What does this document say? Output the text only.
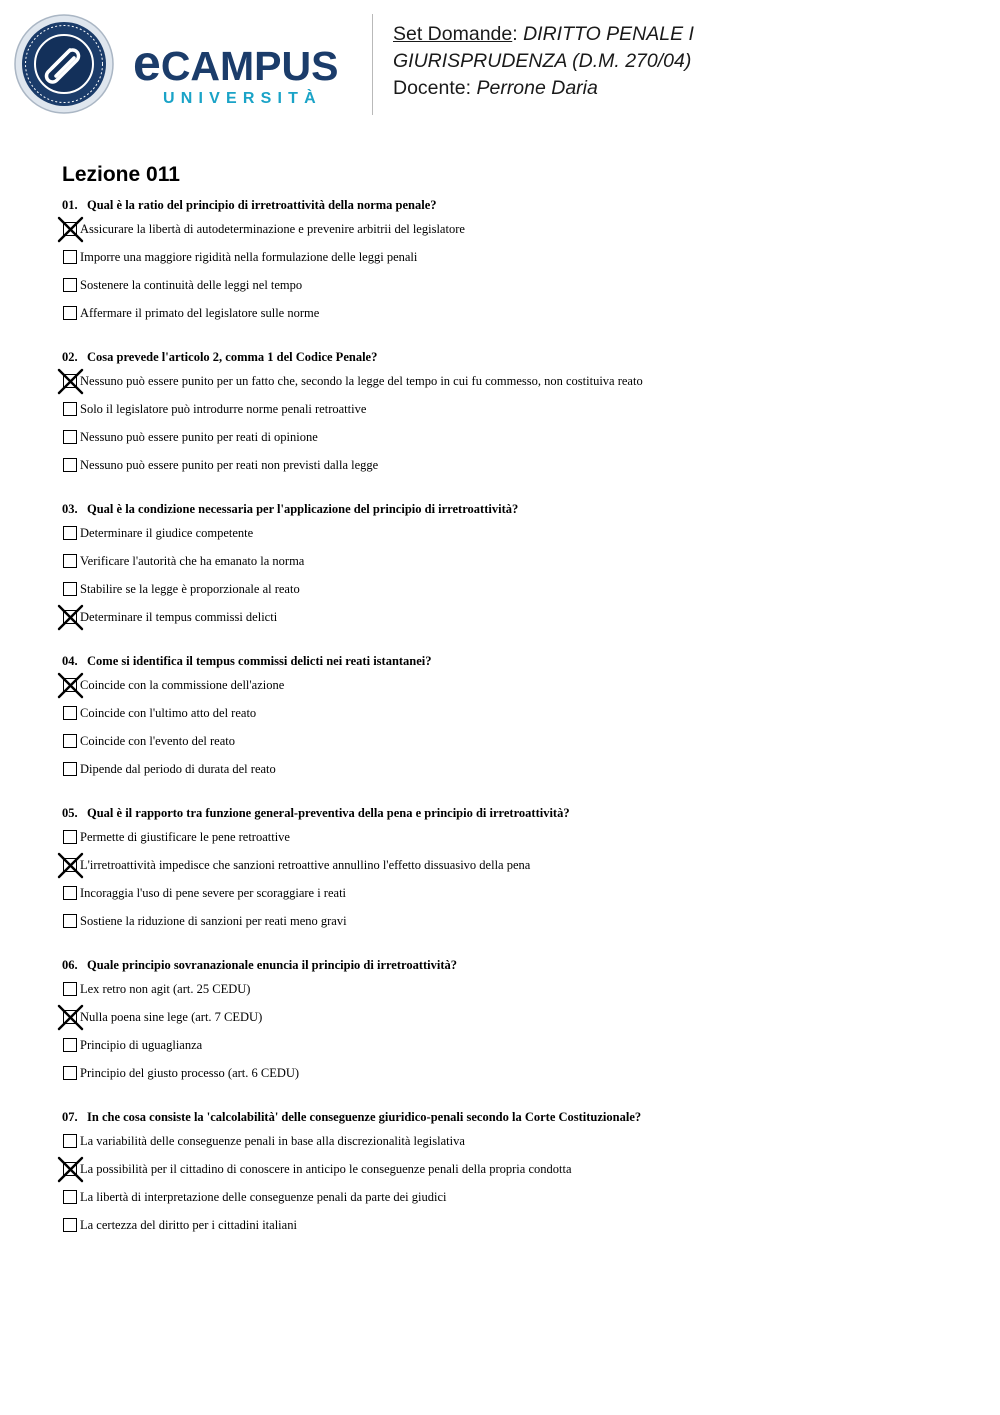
eCAMPUS
UNIVERSITÀ
Set Domande: DIRITTO PENALE I
GIURISPRUDENZA (D.M. 270/04)
Docente: Perrone Daria
Lezione 011
01. Qual è la ratio del principio di irretroattività della norma penale?
Assicurare la libertà di autodeterminazione e prevenire arbitrii del legislatore
Imporre una maggiore rigidità nella formulazione delle leggi penali
Sostenere la continuità delle leggi nel tempo
Affermare il primato del legislatore sulle norme
02. Cosa prevede l'articolo 2, comma 1 del Codice Penale?
Nessuno può essere punito per un fatto che, secondo la legge del tempo in cui fu commesso, non costituiva reato
Solo il legislatore può introdurre norme penali retroattive
Nessuno può essere punito per reati di opinione
Nessuno può essere punito per reati non previsti dalla legge
03. Qual è la condizione necessaria per l'applicazione del principio di irretroattività?
Determinare il giudice competente
Verificare l'autorità che ha emanato la norma
Stabilire se la legge è proporzionale al reato
Determinare il tempus commissi delicti
04. Come si identifica il tempus commissi delicti nei reati istantanei?
Coincide con la commissione dell'azione
Coincide con l'ultimo atto del reato
Coincide con l'evento del reato
Dipende dal periodo di durata del reato
05. Qual è il rapporto tra funzione general-preventiva della pena e principio di irretroattività?
Permette di giustificare le pene retroattive
L'irretroattività impedisce che sanzioni retroattive annullino l'effetto dissuasivo della pena
Incoraggia l'uso di pene severe per scoraggiare i reati
Sostiene la riduzione di sanzioni per reati meno gravi
06. Quale principio sovranazionale enuncia il principio di irretroattività?
Lex retro non agit (art. 25 CEDU)
Nulla poena sine lege (art. 7 CEDU)
Principio di uguaglianza
Principio del giusto processo (art. 6 CEDU)
07. In che cosa consiste la 'calcolabilità' delle conseguenze giuridico-penali secondo la Corte Costituzionale?
La variabilità delle conseguenze penali in base alla discrezionalità legislativa
La possibilità per il cittadino di conoscere in anticipo le conseguenze penali della propria condotta
La libertà di interpretazione delle conseguenze penali da parte dei giudici
La certezza del diritto per i cittadini italiani
